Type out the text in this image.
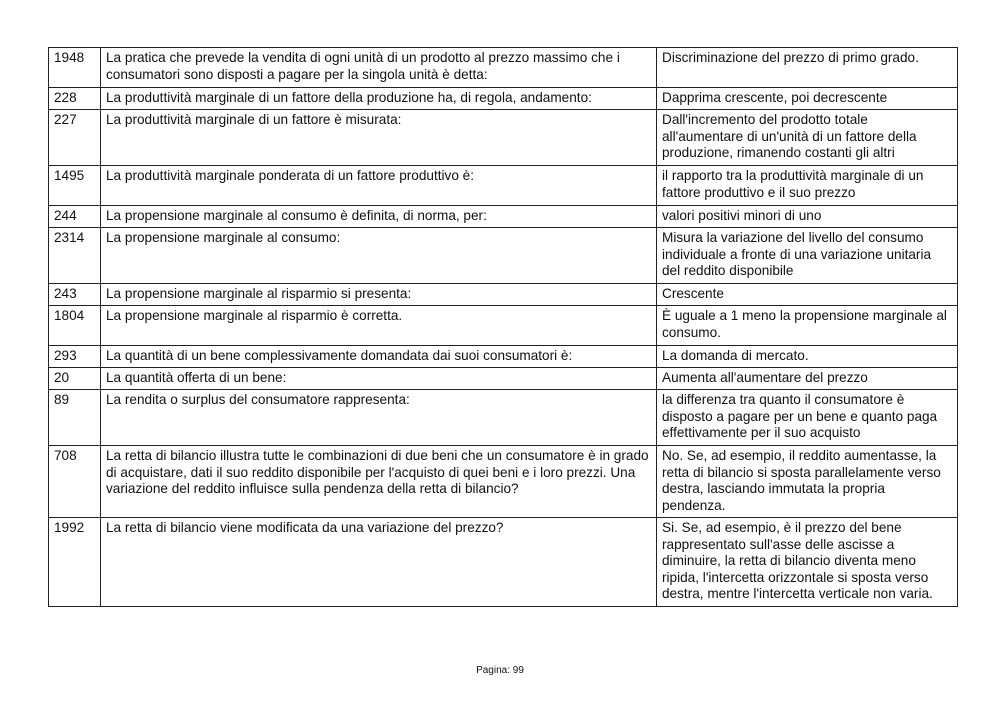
1948	La pratica che prevede la vendita di ogni unità di un prodotto al prezzo massimo che i consumatori sono disposti a pagare per la singola unità è detta:	Discriminazione del prezzo di primo grado.
228	La produttività marginale di un fattore della produzione ha, di regola, andamento:	Dapprima crescente, poi decrescente
227	La produttività marginale di un fattore è misurata:	Dall'incremento del prodotto totale all'aumentare di un'unità di un fattore della produzione, rimanendo costanti gli altri
1495	La produttività marginale ponderata di un fattore produttivo è:	il rapporto tra la produttività marginale di un fattore produttivo e il suo prezzo
244	La propensione marginale al consumo è definita, di norma, per:	valori positivi minori di uno
2314	La propensione marginale al consumo:	Misura la variazione del livello del consumo individuale a fronte di una variazione unitaria del reddito disponibile
243	La propensione marginale al risparmio si presenta:	Crescente
1804	La propensione marginale al risparmio è corretta.	È uguale a 1 meno la propensione marginale al consumo.
293	La quantità di un bene complessivamente domandata dai suoi consumatori è:	La domanda di mercato.
20	La quantità offerta di un bene:	Aumenta all'aumentare del prezzo
89	La rendita o surplus del consumatore rappresenta:	la differenza tra quanto il consumatore è disposto a pagare per un bene e quanto paga effettivamente per il suo acquisto
708	La retta di bilancio illustra tutte le combinazioni di due beni che un consumatore è in grado di acquistare, dati il suo reddito disponibile per l'acquisto di quei beni e i loro prezzi. Una variazione del reddito influisce sulla pendenza della retta di bilancio?	No. Se, ad esempio, il reddito aumentasse, la retta di bilancio si sposta parallelamente verso destra, lasciando immutata la propria pendenza.
1992	La retta di bilancio viene modificata da una variazione del prezzo?	Si. Se, ad esempio, è il prezzo del bene rappresentato sull'asse delle ascisse a diminuire, la retta di bilancio diventa meno ripida, l'intercetta orizzontale si sposta verso destra, mentre l'intercetta verticale non varia.
Pagina: 99
